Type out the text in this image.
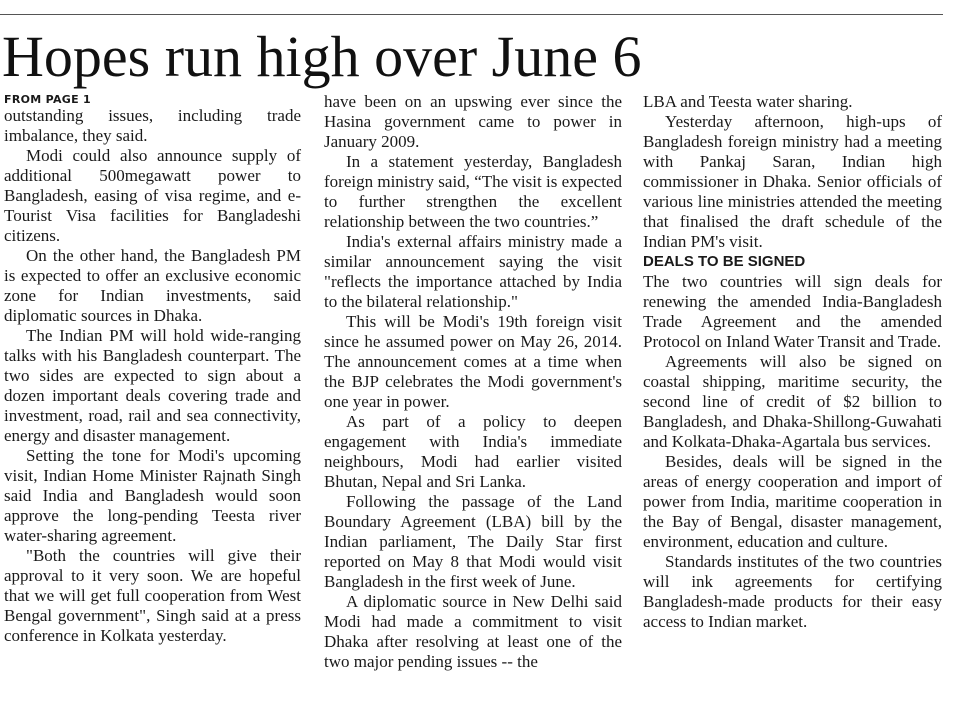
Hopes run high over June 6
FROM PAGE 1

outstanding issues, including trade imbalance, they said.

Modi could also announce supply of additional 500megawatt power to Bangladesh, easing of visa regime, and e-Tourist Visa facilities for Bangladeshi citizens.

On the other hand, the Bangladesh PM is expected to offer an exclusive economic zone for Indian investments, said diplomatic sources in Dhaka.

The Indian PM will hold wide-ranging talks with his Bangladesh counterpart. The two sides are expected to sign about a dozen important deals covering trade and investment, road, rail and sea connectivity, energy and disaster management.

Setting the tone for Modi's upcoming visit, Indian Home Minister Rajnath Singh said India and Bangladesh would soon approve the long-pending Teesta river water-sharing agreement.

"Both the countries will give their approval to it very soon. We are hopeful that we will get full cooperation from West Bengal government", Singh said at a press conference in Kolkata yesterday.

have been on an upswing ever since the Hasina government came to power in January 2009.

In a statement yesterday, Bangladesh foreign ministry said, “The visit is expected to further strengthen the excellent relationship between the two countries.”

India's external affairs ministry made a similar announcement saying the visit "reflects the importance attached by India to the bilateral relationship."

This will be Modi's 19th foreign visit since he assumed power on May 26, 2014. The announcement comes at a time when the BJP celebrates the Modi government's one year in power.

As part of a policy to deepen engagement with India's immediate neighbours, Modi had earlier visited Bhutan, Nepal and Sri Lanka.

Following the passage of the Land Boundary Agreement (LBA) bill by the Indian parliament, The Daily Star first reported on May 8 that Modi would visit Bangladesh in the first week of June.

A diplomatic source in New Delhi said Modi had made a commitment to visit Dhaka after resolving at least one of the two major pending issues -- the

LBA and Teesta water sharing.

Yesterday afternoon, high-ups of Bangladesh foreign ministry had a meeting with Pankaj Saran, Indian high commissioner in Dhaka. Senior officials of various line ministries attended the meeting that finalised the draft schedule of the Indian PM's visit.

DEALS TO BE SIGNED

The two countries will sign deals for renewing the amended India-Bangladesh Trade Agreement and the amended Protocol on Inland Water Transit and Trade.

Agreements will also be signed on coastal shipping, maritime security, the second line of credit of $2 billion to Bangladesh, and Dhaka-Shillong-Guwahati and Kolkata-Dhaka-Agartala bus services.

Besides, deals will be signed in the areas of energy cooperation and import of power from India, maritime cooperation in the Bay of Bengal, disaster management, environment, education and culture.

Standards institutes of the two countries will ink agreements for certifying Bangladesh-made products for their easy access to Indian market.
